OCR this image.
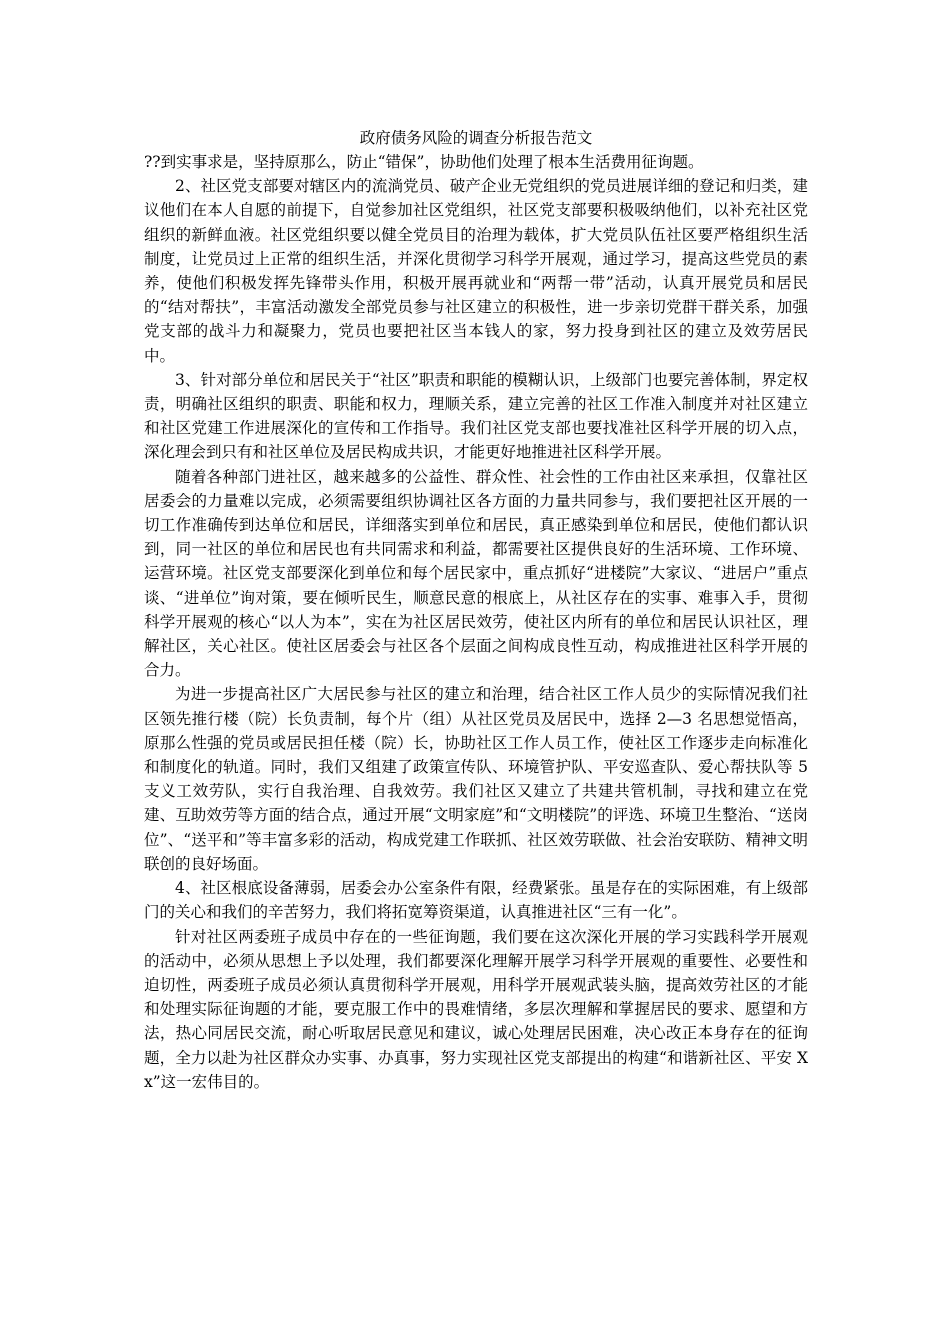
政府债务风险的调查分析报告范文

??到实事求是，坚持原那么，防止“错保”，协助他们处理了根本生活费用征询题。

2、社区党支部要对辖区内的流淌党员、破产企业无党组织的党员进展详细的登记和归类，建议他们在本人自愿的前提下，自觉参加社区党组织，社区党支部要积极吸纳他们，以补充社区党组织的新鲜血液。社区党组织要以健全党员目的治理为载体，扩大党员队伍社区要严格组织生活制度，让党员过上正常的组织生活，并深化贯彻学习科学开展观，通过学习，提高这些党员的素养，使他们积极发挥先锋带头作用，积极开展再就业和“两帮一带”活动，认真开展党员和居民的“结对帮扶”，丰富活动激发全部党员参与社区建立的积极性，进一步亲切党群干群关系，加强党支部的战斗力和凝聚力，党员也要把社区当本钱人的家，努力投身到社区的建立及效劳居民中。

3、针对部分单位和居民关于“社区”职责和职能的模糊认识，上级部门也要完善体制，界定权责，明确社区组织的职责、职能和权力，理顺关系，建立完善的社区工作准入制度并对社区建立和社区党建工作进展深化的宣传和工作指导。我们社区党支部也要找准社区科学开展的切入点，深化理会到只有和社区单位及居民构成共识，才能更好地推进社区科学开展。

随着各种部门进社区，越来越多的公益性、群众性、社会性的工作由社区来承担，仅靠社区居委会的力量难以完成，必须需要组织协调社区各方面的力量共同参与，我们要把社区开展的一切工作准确传到达单位和居民，详细落实到单位和居民，真正感染到单位和居民，使他们都认识到，同一社区的单位和居民也有共同需求和利益，都需要社区提供良好的生活环境、工作环境、运营环境。社区党支部要深化到单位和每个居民家中，重点抓好“进楼院”大家议、“进居户”重点谈、“进单位”询对策，要在倾听民生，顺意民意的根底上，从社区存在的实事、难事入手，贯彻科学开展观的核心“以人为本”，实在为社区居民效劳，使社区内所有的单位和居民认识社区，理解社区，关心社区。使社区居委会与社区各个层面之间构成良性互动，构成推进社区科学开展的合力。

为进一步提高社区广大居民参与社区的建立和治理，结合社区工作人员少的实际情况我们社区领先推行楼（院）长负责制，每个片（组）从社区党员及居民中，选择 2—3 名思想觉悟高，原那么性强的党员或居民担任楼（院）长，协助社区工作人员工作，使社区工作逐步走向标准化和制度化的轨道。同时，我们又组建了政策宣传队、环境管护队、平安巡查队、爱心帮扶队等 5 支义工效劳队，实行自我治理、自我效劳。我们社区又建立了共建共管机制，寻找和建立在党建、互助效劳等方面的结合点，通过开展“文明家庭”和“文明楼院”的评选、环境卫生整治、“送岗位”、“送平和”等丰富多彩的活动，构成党建工作联抓、社区效劳联做、社会治安联防、精神文明联创的良好场面。

4、社区根底设备薄弱，居委会办公室条件有限，经费紧张。虽是存在的实际困难，有上级部门的关心和我们的辛苦努力，我们将拓宽筹资渠道，认真推进社区“三有一化”。

针对社区两委班子成员中存在的一些征询题，我们要在这次深化开展的学习实践科学开展观的活动中，必须从思想上予以处理，我们都要深化理解开展学习科学开展观的重要性、必要性和迫切性，两委班子成员必须认真贯彻科学开展观，用科学开展观武装头脑，提高效劳社区的才能和处理实际征询题的才能，要克服工作中的畏难情绪，多层次理解和掌握居民的要求、愿望和方法，热心同居民交流，耐心听取居民意见和建议，诚心处理居民困难，决心改正本身存在的征询题，全力以赴为社区群众办实事、办真事，努力实现社区党支部提出的构建“和谐新社区、平安 Xx”这一宏伟目的。
